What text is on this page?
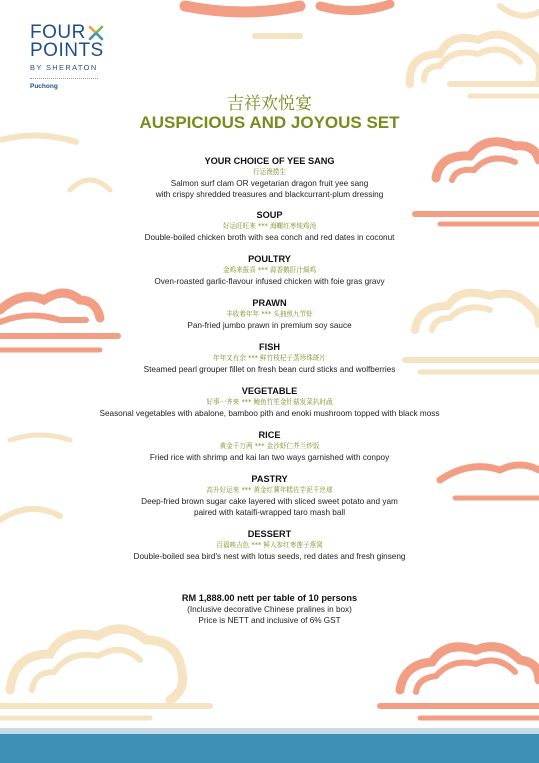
FOUR
POINTS
BY SHERATON
Puchong
吉祥欢悦宴
AUSPICIOUS AND JOYOUS SET
YOUR CHOICE OF YEE SANG
行运渔捞生
Salmon surf clam OR vegetarian dragon fruit yee sang
with crispy shredded treasures and blackcurrant-plum dressing
SOUP
好运旺旺来 *** 海螺红枣炖鸡汤
Double-boiled chicken broth with sea conch and red dates in coconut
POULTRY
金鸡来报喜 *** 蒜香鹅肝汁焗鸡
Oven-roasted garlic-flavour infused chicken with foie gras gravy
PRAWN
丰收着年年 *** 头抽煎九节虾
Pan-fried jumbo prawn in premium soy sauce
FISH
年年又有余 *** 鲜竹枝杞子蒸珍珠斑片
Steamed pearl grouper fillet on fresh bean curd sticks and wolfberries
VEGETABLE
好事一齐来 *** 鲍鱼竹笙金针菇发菜扒时蔬
Seasonal vegetables with abalone, bamboo pith and enoki mushroom topped with black moss
RICE
黄金千万两 *** 金沙虾仁芥兰炒饭
Fried rice with shrimp and kai lan two ways garnished with conpoy
PASTRY
高升好运来 *** 黄金红薯年糕佐芋泥千丝球
Deep-fried brown sugar cake layered with sliced sweet potato and yam
paired with kataifi-wrapped taro mash ball
DESSERT
百福映吉色 *** 鲜人参红枣莲子燕窝
Double-boiled sea bird's nest with lotus seeds, red dates and fresh ginseng
RM 1,888.00 nett per table of 10 persons
(Inclusive decorative Chinese pralines in box)
Price is NETT and inclusive of 6% GST
